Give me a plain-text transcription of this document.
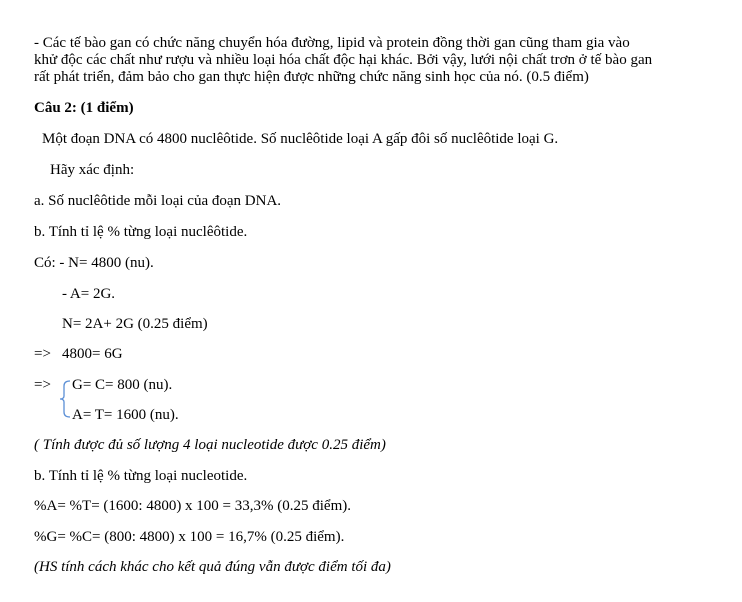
- Các tế bào gan có chức năng chuyển hóa đường, lipid và protein đồng thời gan cũng tham gia vào
khử độc các chất như rượu và nhiều loại hóa chất độc hại khác. Bởi vậy, lưới nội chất trơn ở tế bào gan
rất phát triển, đảm bảo cho gan thực hiện được những chức năng sinh học của nó. (0.5 điểm)
Câu 2: (1 điểm)
Một đoạn DNA có 4800 nuclêôtide. Số nuclêôtide loại A gấp đôi số nuclêôtide loại G.
Hãy xác định:
a. Số nuclêôtide mỗi loại của đoạn DNA.
b. Tính tỉ lệ % từng loại nuclêôtide.
Có: - N= 4800 (nu).
- A= 2G.
N= 2A+ 2G (0.25 điểm)
=> 4800= 6G
=> G= C= 800 (nu).
A= T= 1600 (nu).
( Tính được đủ số lượng 4 loại nucleotide được 0.25 điểm)
b. Tính tỉ lệ % từng loại nucleotide.
%A= %T= (1600: 4800) x 100 = 33,3% (0.25 điểm).
%G= %C= (800: 4800) x 100 = 16,7% (0.25 điểm).
(HS tính cách khác cho kết quả đúng vẫn được điểm tối đa)
